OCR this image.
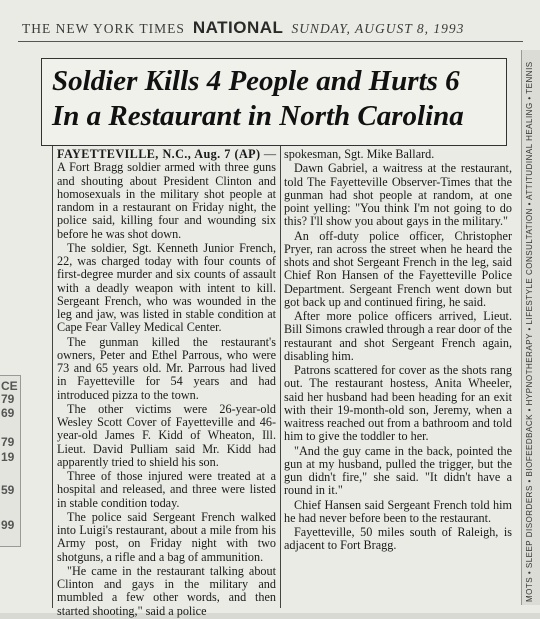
THE NEW YORK TIMES NATIONAL SUNDAY, AUGUST 8, 1993
Soldier Kills 4 People and Hurts 6
In a Restaurant in North Carolina

FAYETTEVILLE, N.C., Aug. 7 (AP) — A Fort Bragg soldier armed with three guns and shouting about President Clinton and homosexuals in the military shot people at random in a restaurant on Friday night, the police said, killing four and wounding six before he was shot down.

The soldier, Sgt. Kenneth Junior French, 22, was charged today with four counts of first-degree murder and six counts of assault with a deadly weapon with intent to kill. Sergeant French, who was wounded in the leg and jaw, was listed in stable condition at Cape Fear Valley Medical Center.

The gunman killed the restaurant's owners, Peter and Ethel Parrous, who were 73 and 65 years old. Mr. Parrous had lived in Fayetteville for 54 years and had introduced pizza to the town.

The other victims were 26-year-old Wesley Scott Cover of Fayetteville and 46-year-old James F. Kidd of Wheaton, Ill. Lieut. David Pulliam said Mr. Kidd had apparently tried to shield his son.

Three of those injured were treated at a hospital and released, and three were listed in stable condition today.

The police said Sergeant French walked into Luigi's restaurant, about a mile from his Army post, on Friday night with two shotguns, a rifle and a bag of ammunition.

"He came in the restaurant talking about Clinton and gays in the military and mumbled a few other words, and then started shooting," said a police

spokesman, Sgt. Mike Ballard.

Dawn Gabriel, a waitress at the restaurant, told The Fayetteville Observer-Times that the gunman had shot people at random, at one point yelling: "You think I'm not going to do this? I'll show you about gays in the military."

An off-duty police officer, Christopher Pryer, ran across the street when he heard the shots and shot Sergeant French in the leg, said Chief Ron Hansen of the Fayetteville Police Department. Sergeant French went down but got back up and continued firing, he said.

After more police officers arrived, Lieut. Bill Simons crawled through a rear door of the restaurant and shot Sergeant French again, disabling him.

Patrons scattered for cover as the shots rang out. The restaurant hostess, Anita Wheeler, said her husband had been heading for an exit with their 19-month-old son, Jeremy, when a waitress reached out from a bathroom and told him to give the toddler to her.

"And the guy came in the back, pointed the gun at my husband, pulled the trigger, but the gun didn't fire," she said. "It didn't have a round in it."

Chief Hansen said Sergeant French told him he had never before been to the restaurant.

Fayetteville, 50 miles south of Raleigh, is adjacent to Fort Bragg.	MOTS • SLEEP DISORDERS • BIOFEEDBACK • HYPNOTHERAPY • LIFESTYLE CONSULTATION • ATTITUDINAL HEALING • TENNIS
CE
79
69
79
19
59
99
